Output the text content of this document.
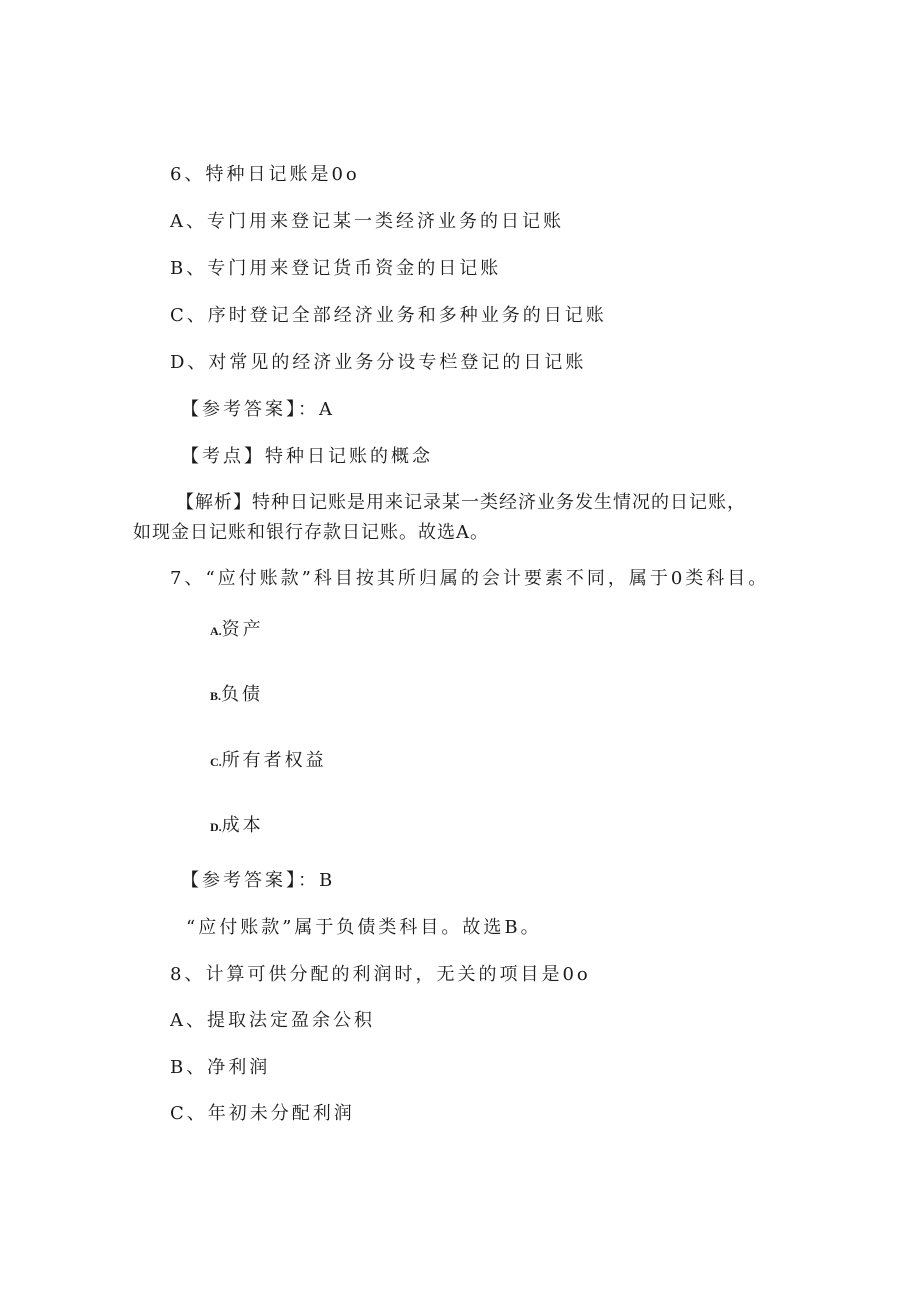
6、特种日记账是0o
A、专门用来登记某一类经济业务的日记账
B、专门用来登记货币资金的日记账
C、序时登记全部经济业务和多种业务的日记账
D、对常见的经济业务分设专栏登记的日记账
【参考答案】：A
【考点】特种日记账的概念
【解析】特种日记账是用来记录某一类经济业务发生情况的日记账，
如现金日记账和银行存款日记账。故选A。
7、“应付账款”科目按其所归属的会计要素不同，属于0类科目。
A.资产
B.负债
C.所有者权益
D.成本
【参考答案】：B
“应付账款”属于负债类科目。故选B。
8、计算可供分配的利润时，无关的项目是0o
A、提取法定盈余公积
B、净利润
C、年初未分配利润
